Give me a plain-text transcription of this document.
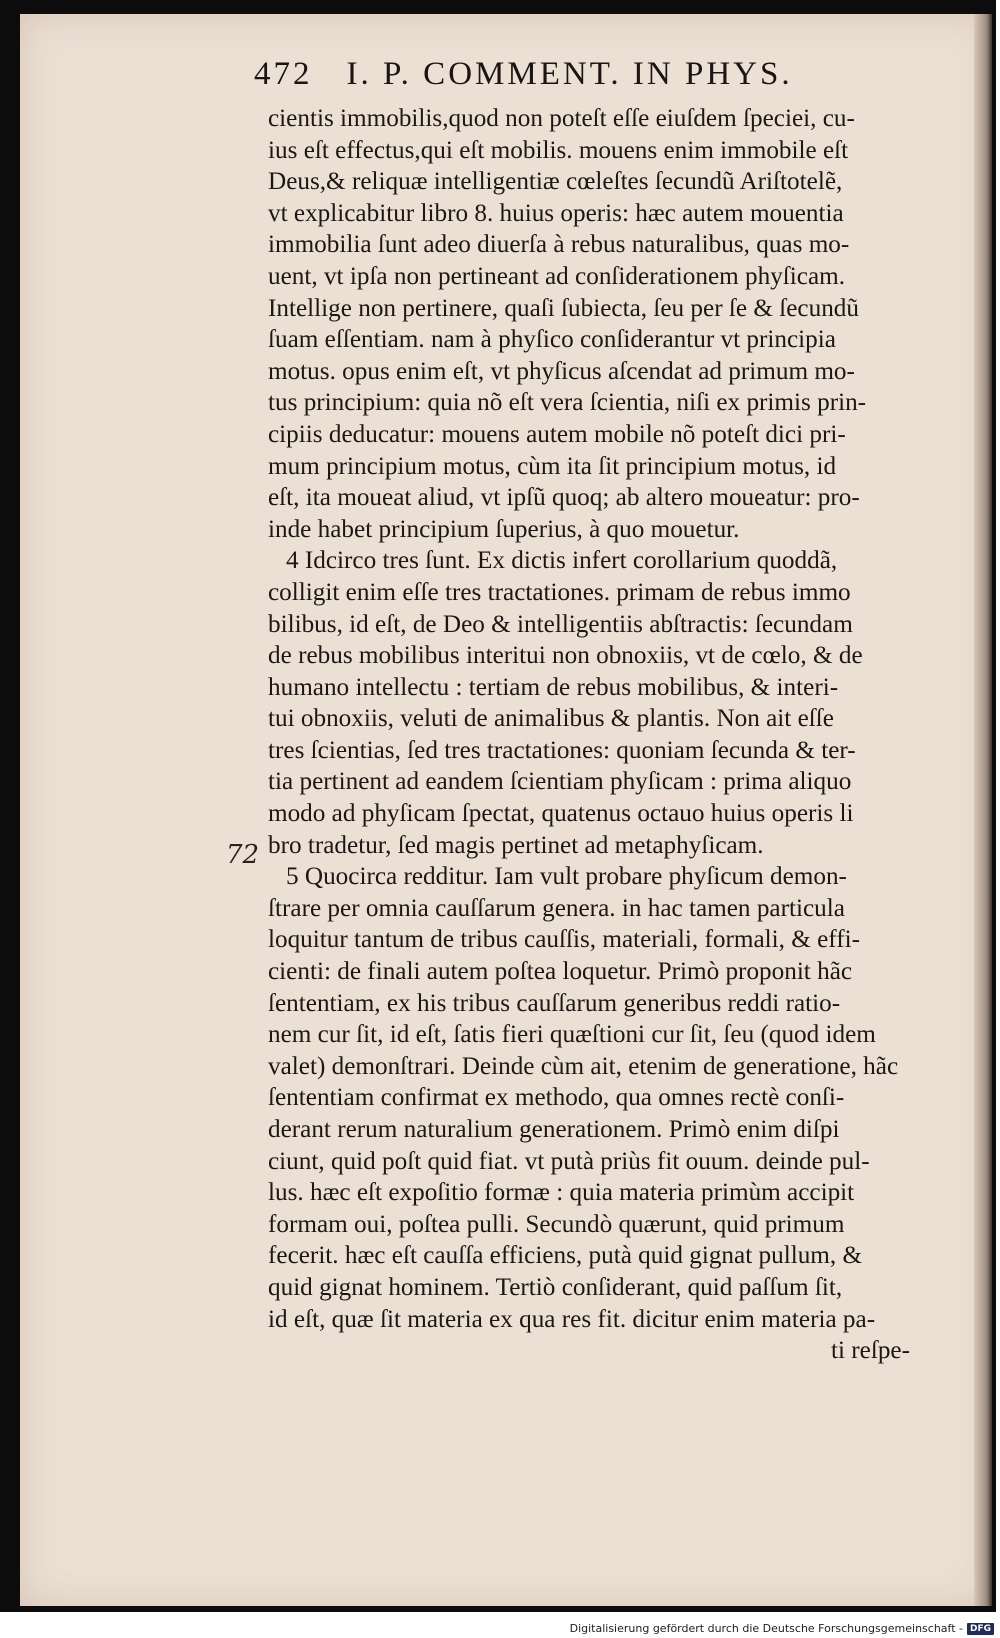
472 I. P. COMMENT. IN PHYS.
72
cientis immobilis,quod non poteſt eſſe eiuſdem ſpeciei, cu-
ius eſt effectus,qui eſt mobilis. mouens enim immobile eſt
Deus,& reliquæ intelligentiæ cœleſtes ſecundũ Ariſtotelẽ,
vt explicabitur libro 8. huius operis: hæc autem mouentia
immobilia ſunt adeo diuerſa à rebus naturalibus, quas mo-
uent, vt ipſa non pertineant ad conſiderationem phyſicam.
Intellige non pertinere, quaſi ſubiecta, ſeu per ſe & ſecundũ
ſuam eſſentiam. nam à phyſico conſiderantur vt principia
motus. opus enim eſt, vt phyſicus aſcendat ad primum mo-
tus principium: quia nõ eſt vera ſcientia, niſi ex primis prin-
cipiis deducatur: mouens autem mobile nõ poteſt dici pri-
mum principium motus, cùm ita ſit principium motus, id
eſt, ita moueat aliud, vt ipſũ quoq; ab altero moueatur: pro-
inde habet principium ſuperius, à quo mouetur.
4 Idcirco tres ſunt. Ex dictis infert corollarium quoddã,
colligit enim eſſe tres tractationes. primam de rebus immo
bilibus, id eſt, de Deo & intelligentiis abſtractis: ſecundam
de rebus mobilibus interitui non obnoxiis, vt de cœlo, & de
humano intellectu : tertiam de rebus mobilibus, & interi-
tui obnoxiis, veluti de animalibus & plantis. Non ait eſſe
tres ſcientias, ſed tres tractationes: quoniam ſecunda & ter-
tia pertinent ad eandem ſcientiam phyſicam : prima aliquo
modo ad phyſicam ſpectat, quatenus octauo huius operis li
bro tradetur, ſed magis pertinet ad metaphyſicam.
5 Quocirca redditur. Iam vult probare phyſicum demon-
ſtrare per omnia cauſſarum genera. in hac tamen particula
loquitur tantum de tribus cauſſis, materiali, formali, & effi-
cienti: de finali autem poſtea loquetur. Primò proponit hãc
ſententiam, ex his tribus cauſſarum generibus reddi ratio-
nem cur ſit, id eſt, ſatis fieri quæſtioni cur ſit, ſeu (quod idem
valet) demonſtrari. Deinde cùm ait, etenim de generatione, hãc
ſententiam confirmat ex methodo, qua omnes rectè conſi-
derant rerum naturalium generationem. Primò enim diſpi
ciunt, quid poſt quid fiat. vt putà priùs fit ouum. deinde pul-
lus. hæc eſt expoſitio formæ : quia materia primùm accipit
formam oui, poſtea pulli. Secundò quærunt, quid primum
fecerit. hæc eſt cauſſa efficiens, putà quid gignat pullum, &
quid gignat hominem. Tertiò conſiderant, quid paſſum ſit,
id eſt, quæ ſit materia ex qua res fit. dicitur enim materia pa-
ti reſpe-
Digitalisierung gefördert durch die Deutsche Forschungsgemeinschaft - DFG
